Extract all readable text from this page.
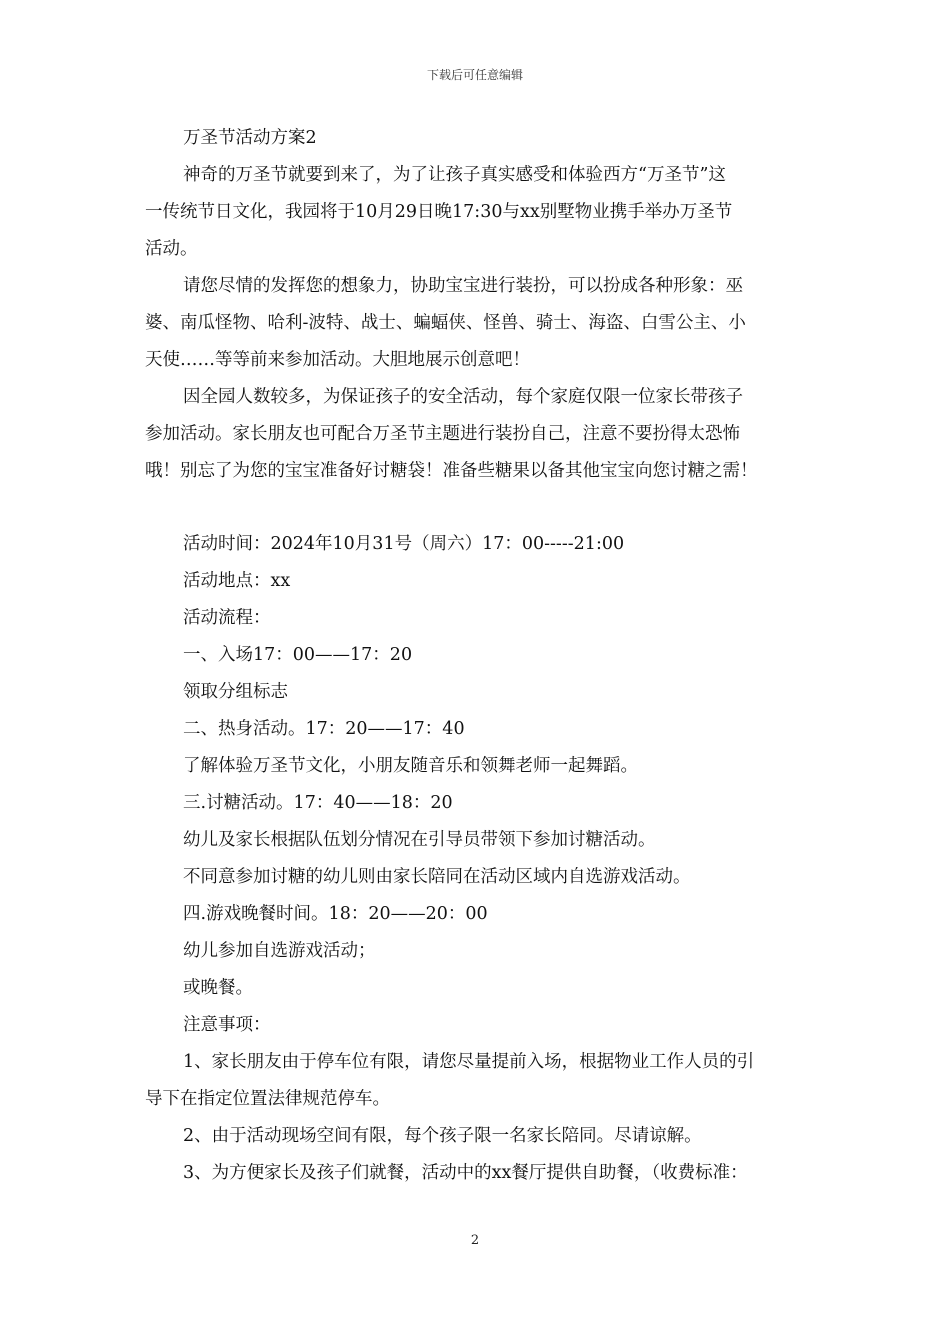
下载后可任意编辑
万圣节活动方案2
神奇的万圣节就要到来了，为了让孩子真实感受和体验西方“万圣节”这
一传统节日文化，我园将于10月29日晚17:30与xx别墅物业携手举办万圣节
活动。
请您尽情的发挥您的想象力，协助宝宝进行装扮，可以扮成各种形象：巫
婆、南瓜怪物、哈利-波特、战士、蝙蝠侠、怪兽、骑士、海盗、白雪公主、小
天使……等等前来参加活动。大胆地展示创意吧！
因全园人数较多，为保证孩子的安全活动，每个家庭仅限一位家长带孩子
参加活动。家长朋友也可配合万圣节主题进行装扮自己，注意不要扮得太恐怖
哦！别忘了为您的宝宝准备好讨糖袋！准备些糖果以备其他宝宝向您讨糖之需！
活动时间：2024年10月31号（周六）17：00-----21:00
活动地点：xx
活动流程：
一、入场17：00——17：20
领取分组标志
二、热身活动。17：20——17：40
了解体验万圣节文化，小朋友随音乐和领舞老师一起舞蹈。
三.讨糖活动。17：40——18：20
幼儿及家长根据队伍划分情况在引导员带领下参加讨糖活动。
不同意参加讨糖的幼儿则由家长陪同在活动区域内自选游戏活动。
四.游戏晚餐时间。18：20——20：00
幼儿参加自选游戏活动；
或晚餐。
注意事项：
1、家长朋友由于停车位有限，请您尽量提前入场，根据物业工作人员的引
导下在指定位置法律规范停车。
2、由于活动现场空间有限，每个孩子限一名家长陪同。尽请谅解。
3、为方便家长及孩子们就餐，活动中的xx餐厅提供自助餐，（收费标准：
2
